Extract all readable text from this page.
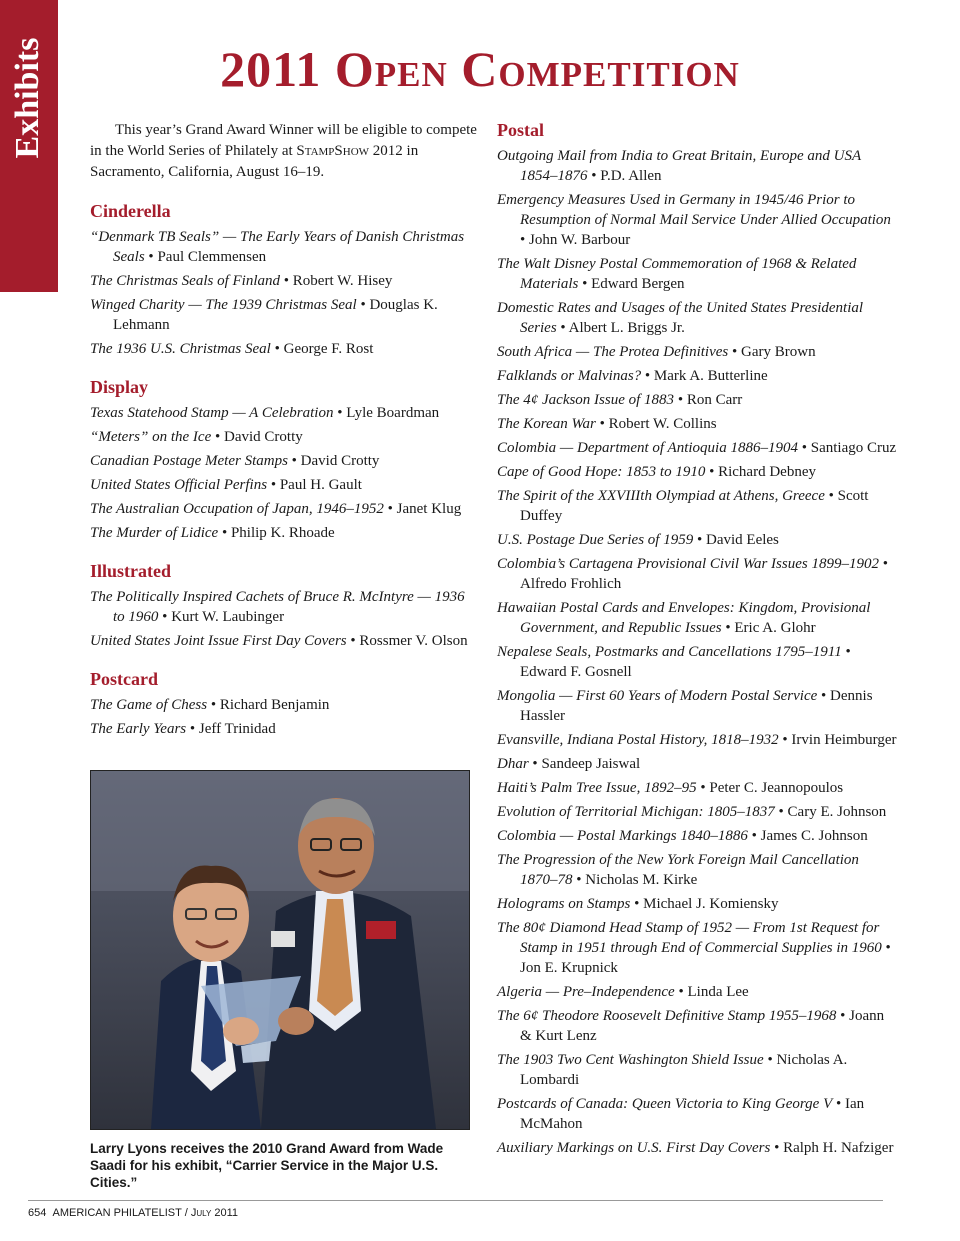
Exhibits	2011 Open Competition

This year’s Grand Award Winner will be eligible to compete in the World Series of Philately at StampShow 2012 in Sacramento, California, August 16–19.

Cinderella
“Denmark TB Seals” — The Early Years of Danish Christmas Seals • Paul Clemmensen
The Christmas Seals of Finland • Robert W. Hisey
Winged Charity — The 1939 Christmas Seal • Douglas K. Lehmann
The 1936 U.S. Christmas Seal • George F. Rost
Display
Texas Statehood Stamp — A Celebration • Lyle Boardman
“Meters” on the Ice • David Crotty
Canadian Postage Meter Stamps • David Crotty
United States Official Perfins • Paul H. Gault
The Australian Occupation of Japan, 1946–1952 • Janet Klug
The Murder of Lidice • Philip K. Rhoade
Illustrated
The Politically Inspired Cachets of Bruce R. McIntyre — 1936 to 1960 • Kurt W. Laubinger
United States Joint Issue First Day Covers • Rossmer V. Olson
Postcard
The Game of Chess • Richard Benjamin
The Early Years • Jeff Trinidad
Larry Lyons receives the 2010 Grand Award from Wade Saadi for his exhibit, “Carrier Service in the Major U.S. Cities.”
Postal
Outgoing Mail from India to Great Britain, Europe and USA 1854–1876 • P.D. Allen
Emergency Measures Used in Germany in 1945/46 Prior to Resumption of Normal Mail Service Under Allied Occupation • John W. Barbour
The Walt Disney Postal Commemoration of 1968 & Related Materials • Edward Bergen
Domestic Rates and Usages of the United States Presidential Series • Albert L. Briggs Jr.
South Africa — The Protea Definitives • Gary Brown
Falklands or Malvinas? • Mark A. Butterline
The 4¢ Jackson Issue of 1883 • Ron Carr
The Korean War • Robert W. Collins
Colombia — Department of Antioquia 1886–1904 • Santiago Cruz
Cape of Good Hope: 1853 to 1910 • Richard Debney
The Spirit of the XXVIIIth Olympiad at Athens, Greece • Scott Duffey
U.S. Postage Due Series of 1959 • David Eeles
Colombia’s Cartagena Provisional Civil War Issues 1899–1902 • Alfredo Frohlich
Hawaiian Postal Cards and Envelopes: Kingdom, Provisional Government, and Republic Issues • Eric A. Glohr
Nepalese Seals, Postmarks and Cancellations 1795–1911 • Edward F. Gosnell
Mongolia — First 60 Years of Modern Postal Service • Dennis Hassler
Evansville, Indiana Postal History, 1818–1932 • Irvin Heimburger
Dhar • Sandeep Jaiswal
Haiti’s Palm Tree Issue, 1892–95 • Peter C. Jeannopoulos
Evolution of Territorial Michigan: 1805–1837 • Cary E. Johnson
Colombia — Postal Markings 1840–1886 • James C. Johnson
The Progression of the New York Foreign Mail Cancellation 1870–78 • Nicholas M. Kirke
Holograms on Stamps • Michael J. Komiensky
The 80¢ Diamond Head Stamp of 1952 — From 1st Request for Stamp in 1951 through End of Commercial Supplies in 1960 • Jon E. Krupnick
Algeria — Pre–Independence • Linda Lee
The 6¢ Theodore Roosevelt Definitive Stamp 1955–1968 • Joann & Kurt Lenz
The 1903 Two Cent Washington Shield Issue • Nicholas A. Lombardi
Postcards of Canada: Queen Victoria to King George V • Ian McMahon
Auxiliary Markings on U.S. First Day Covers • Ralph H. Nafziger
654 AMERICAN PHILATELIST / July 2011
